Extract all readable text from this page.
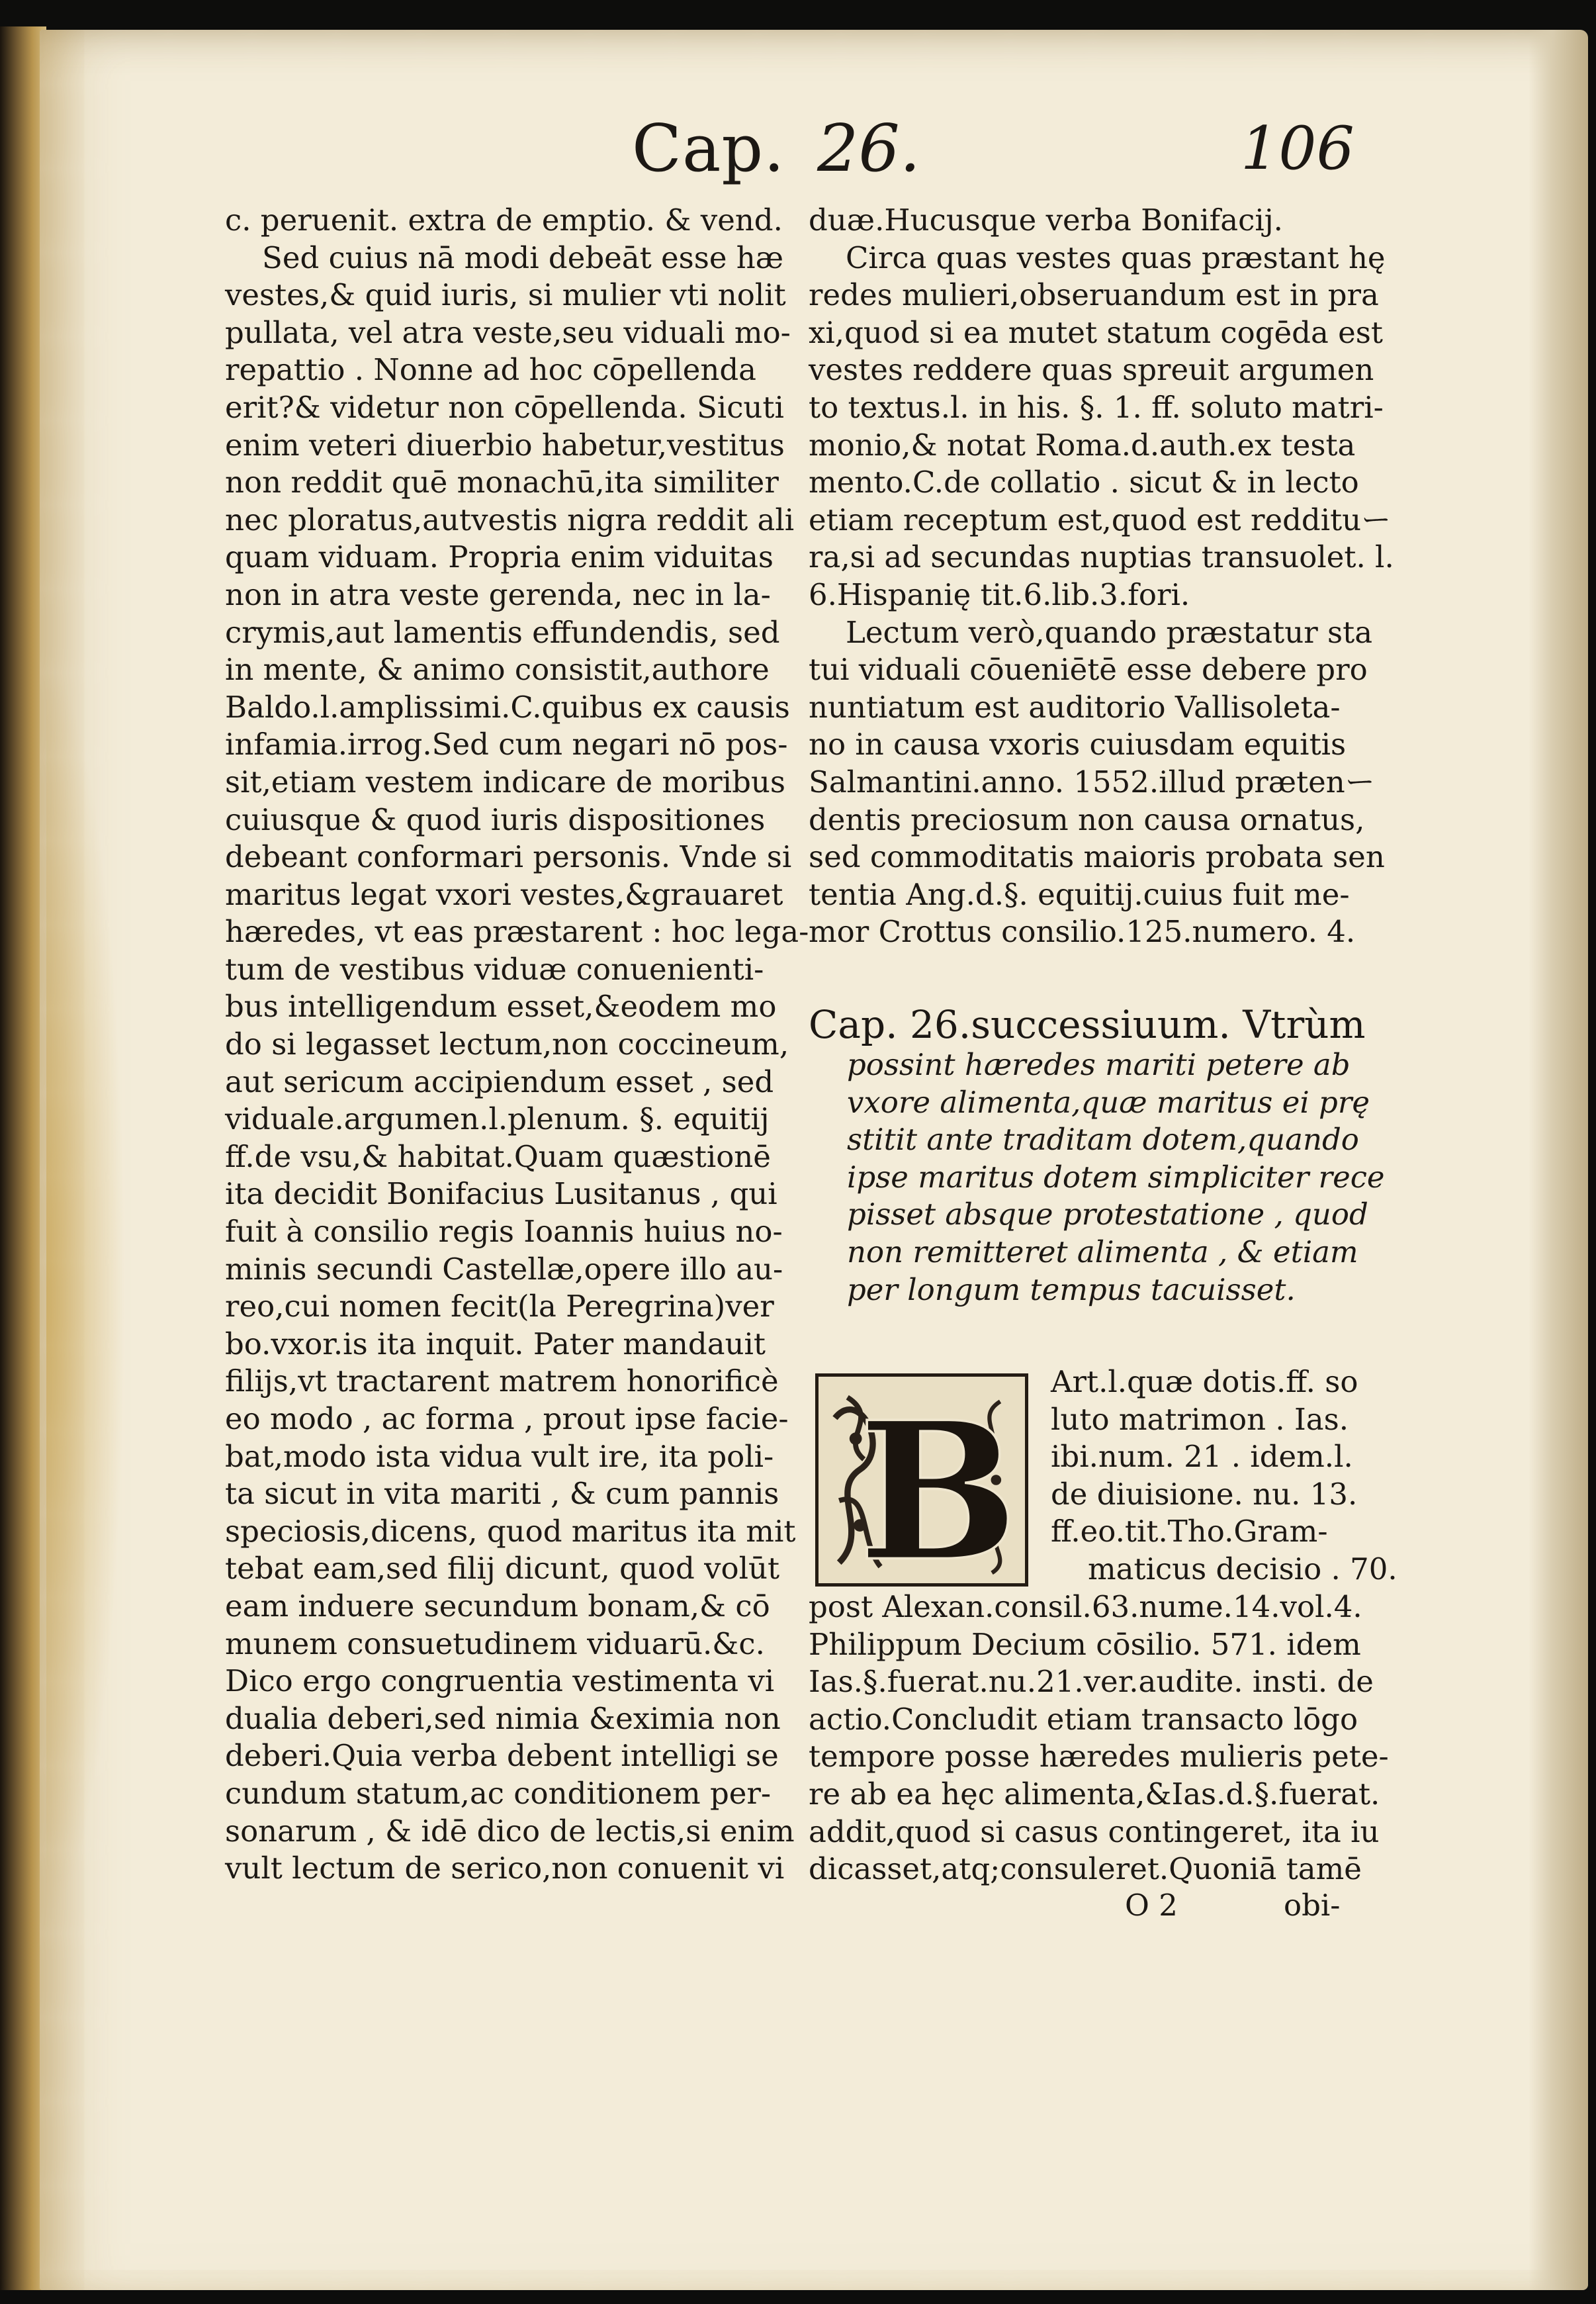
Cap. 26.	106
c. peruenit. extra de emptio. & vend.
Sed cuius nā modi debeāt esse hæ
vestes,& quid iuris, si mulier vti nolit
pullata, vel atra veste,seu viduali mo-
repattio . Nonne ad hoc cōpellenda
erit?& videtur non cōpellenda. Sicuti
enim veteri diuerbio habetur,vestitus
non reddit quē monachū,ita similiter
nec ploratus,autvestis nigra reddit ali
quam viduam. Propria enim viduitas
non in atra veste gerenda, nec in la-
crymis,aut lamentis effundendis, sed
in mente, & animo consistit,authore
Baldo.l.amplissimi.C.quibus ex causis
infamia.irrog.Sed cum negari nō pos-
sit,etiam vestem indicare de moribus
cuiusque & quod iuris dispositiones
debeant conformari personis. Vnde si
maritus legat vxori vestes,&grauaret
hæredes, vt eas præstarent : hoc lega-
tum de vestibus viduæ conuenienti-
bus intelligendum esset,&eodem mo
do si legasset lectum,non coccineum,
aut sericum accipiendum esset , sed
viduale.argumen.l.plenum. §. equitij
ff.de vsu,& habitat.Quam quæstionē
ita decidit Bonifacius Lusitanus , qui
fuit à consilio regis Ioannis huius no-
minis secundi Castellæ,opere illo au-
reo,cui nomen fecit(la Peregrina)ver
bo.vxor.is ita inquit. Pater mandauit
filijs,vt tractarent matrem honorificè
eo modo , ac forma , prout ipse facie-
bat,modo ista vidua vult ire, ita poli-
ta sicut in vita mariti , & cum pannis
speciosis,dicens, quod maritus ita mit
tebat eam,sed filij dicunt, quod volūt
eam induere secundum bonam,& cō
munem consuetudinem viduarū.&c.
Dico ergo congruentia vestimenta vi
dualia deberi,sed nimia &eximia non
deberi.Quia verba debent intelligi se
cundum statum,ac conditionem per-
sonarum , & idē dico de lectis,si enim
vult lectum de serico,non conuenit vi
duæ.Hucusque verba Bonifacij.
Circa quas vestes quas præstant hę
redes mulieri,obseruandum est in pra
xi,quod si ea mutet statum cogēda est
vestes reddere quas spreuit argumen
to textus.l. in his. §. 1. ff. soluto matri-
monio,& notat Roma.d.auth.ex testa
mento.C.de collatio . sicut & in lecto
etiam receptum est,quod est reddituー
ra,si ad secundas nuptias transuolet. l.
6.Hispanię tit.6.lib.3.fori.
Lectum verò,quando præstatur sta
tui viduali cōueniētē esse debere pro
nuntiatum est auditorio Vallisoleta-
no in causa vxoris cuiusdam equitis
Salmantini.anno. 1552.illud prætenー
dentis preciosum non causa ornatus,
sed commoditatis maioris probata sen
tentia Ang.d.§. equitij.cuius fuit me-
mor Crottus consilio.125.numero. 4.
Cap. 26.successiuum. Vtrùm
possint hæredes mariti petere ab
vxore alimenta,quæ maritus ei prę
stitit ante traditam dotem,quando
ipse maritus dotem simpliciter rece
pisset absque protestatione , quod
non remitteret alimenta , & etiam
per longum tempus tacuisset.
B Art.l.quæ dotis.ff. so
luto matrimon . Ias.
ibi.num. 21 . idem.l.
de diuisione. nu. 13.
ff.eo.tit.Tho.Gram-
maticus decisio . 70.
post Alexan.consil.63.nume.14.vol.4.
Philippum Decium cōsilio. 571. idem
Ias.§.fuerat.nu.21.ver.audite. insti. de
actio.Concludit etiam transacto lōgo
tempore posse hæredes mulieris pete-
re ab ea hęc alimenta,&Ias.d.§.fuerat.
addit,quod si casus contingeret, ita iu
dicasset,atq;consuleret.Quoniā tamē
O 2	obi-
